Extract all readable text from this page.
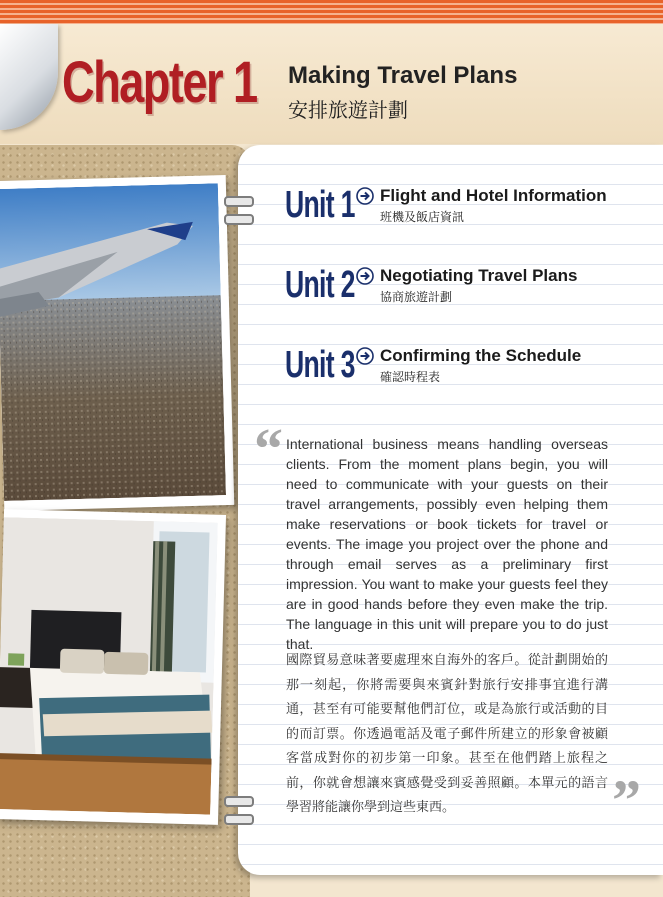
Chapter 1 Making Travel Plans
安排旅遊計劃
Unit 1 Flight and Hotel Information
班機及飯店資訊
Unit 2 Negotiating Travel Plans
協商旅遊計劃
Unit 3 Confirming the Schedule
確認時程表
“
”

International business means handling overseas clients. From the moment plans begin, you will need to communicate with your guests on their travel arrangements, possibly even helping them make reservations or book tickets for travel or events. The image you project over the phone and through email serves as a preliminary first impression. You want to make your guests feel they are in good hands before they even make the trip. The language in this unit will prepare you to do just that.

國際貿易意味著要處理來自海外的客戶。從計劃開始的那一刻起，你將需要與來賓針對旅行安排事宜進行溝通，甚至有可能要幫他們訂位，或是為旅行或活動的目的而訂票。你透過電話及電子郵件所建立的形象會被顧客當成對你的初步第一印象。甚至在他們踏上旅程之前，你就會想讓來賓感覺受到妥善照顧。本單元的語言學習將能讓你學到這些東西。
